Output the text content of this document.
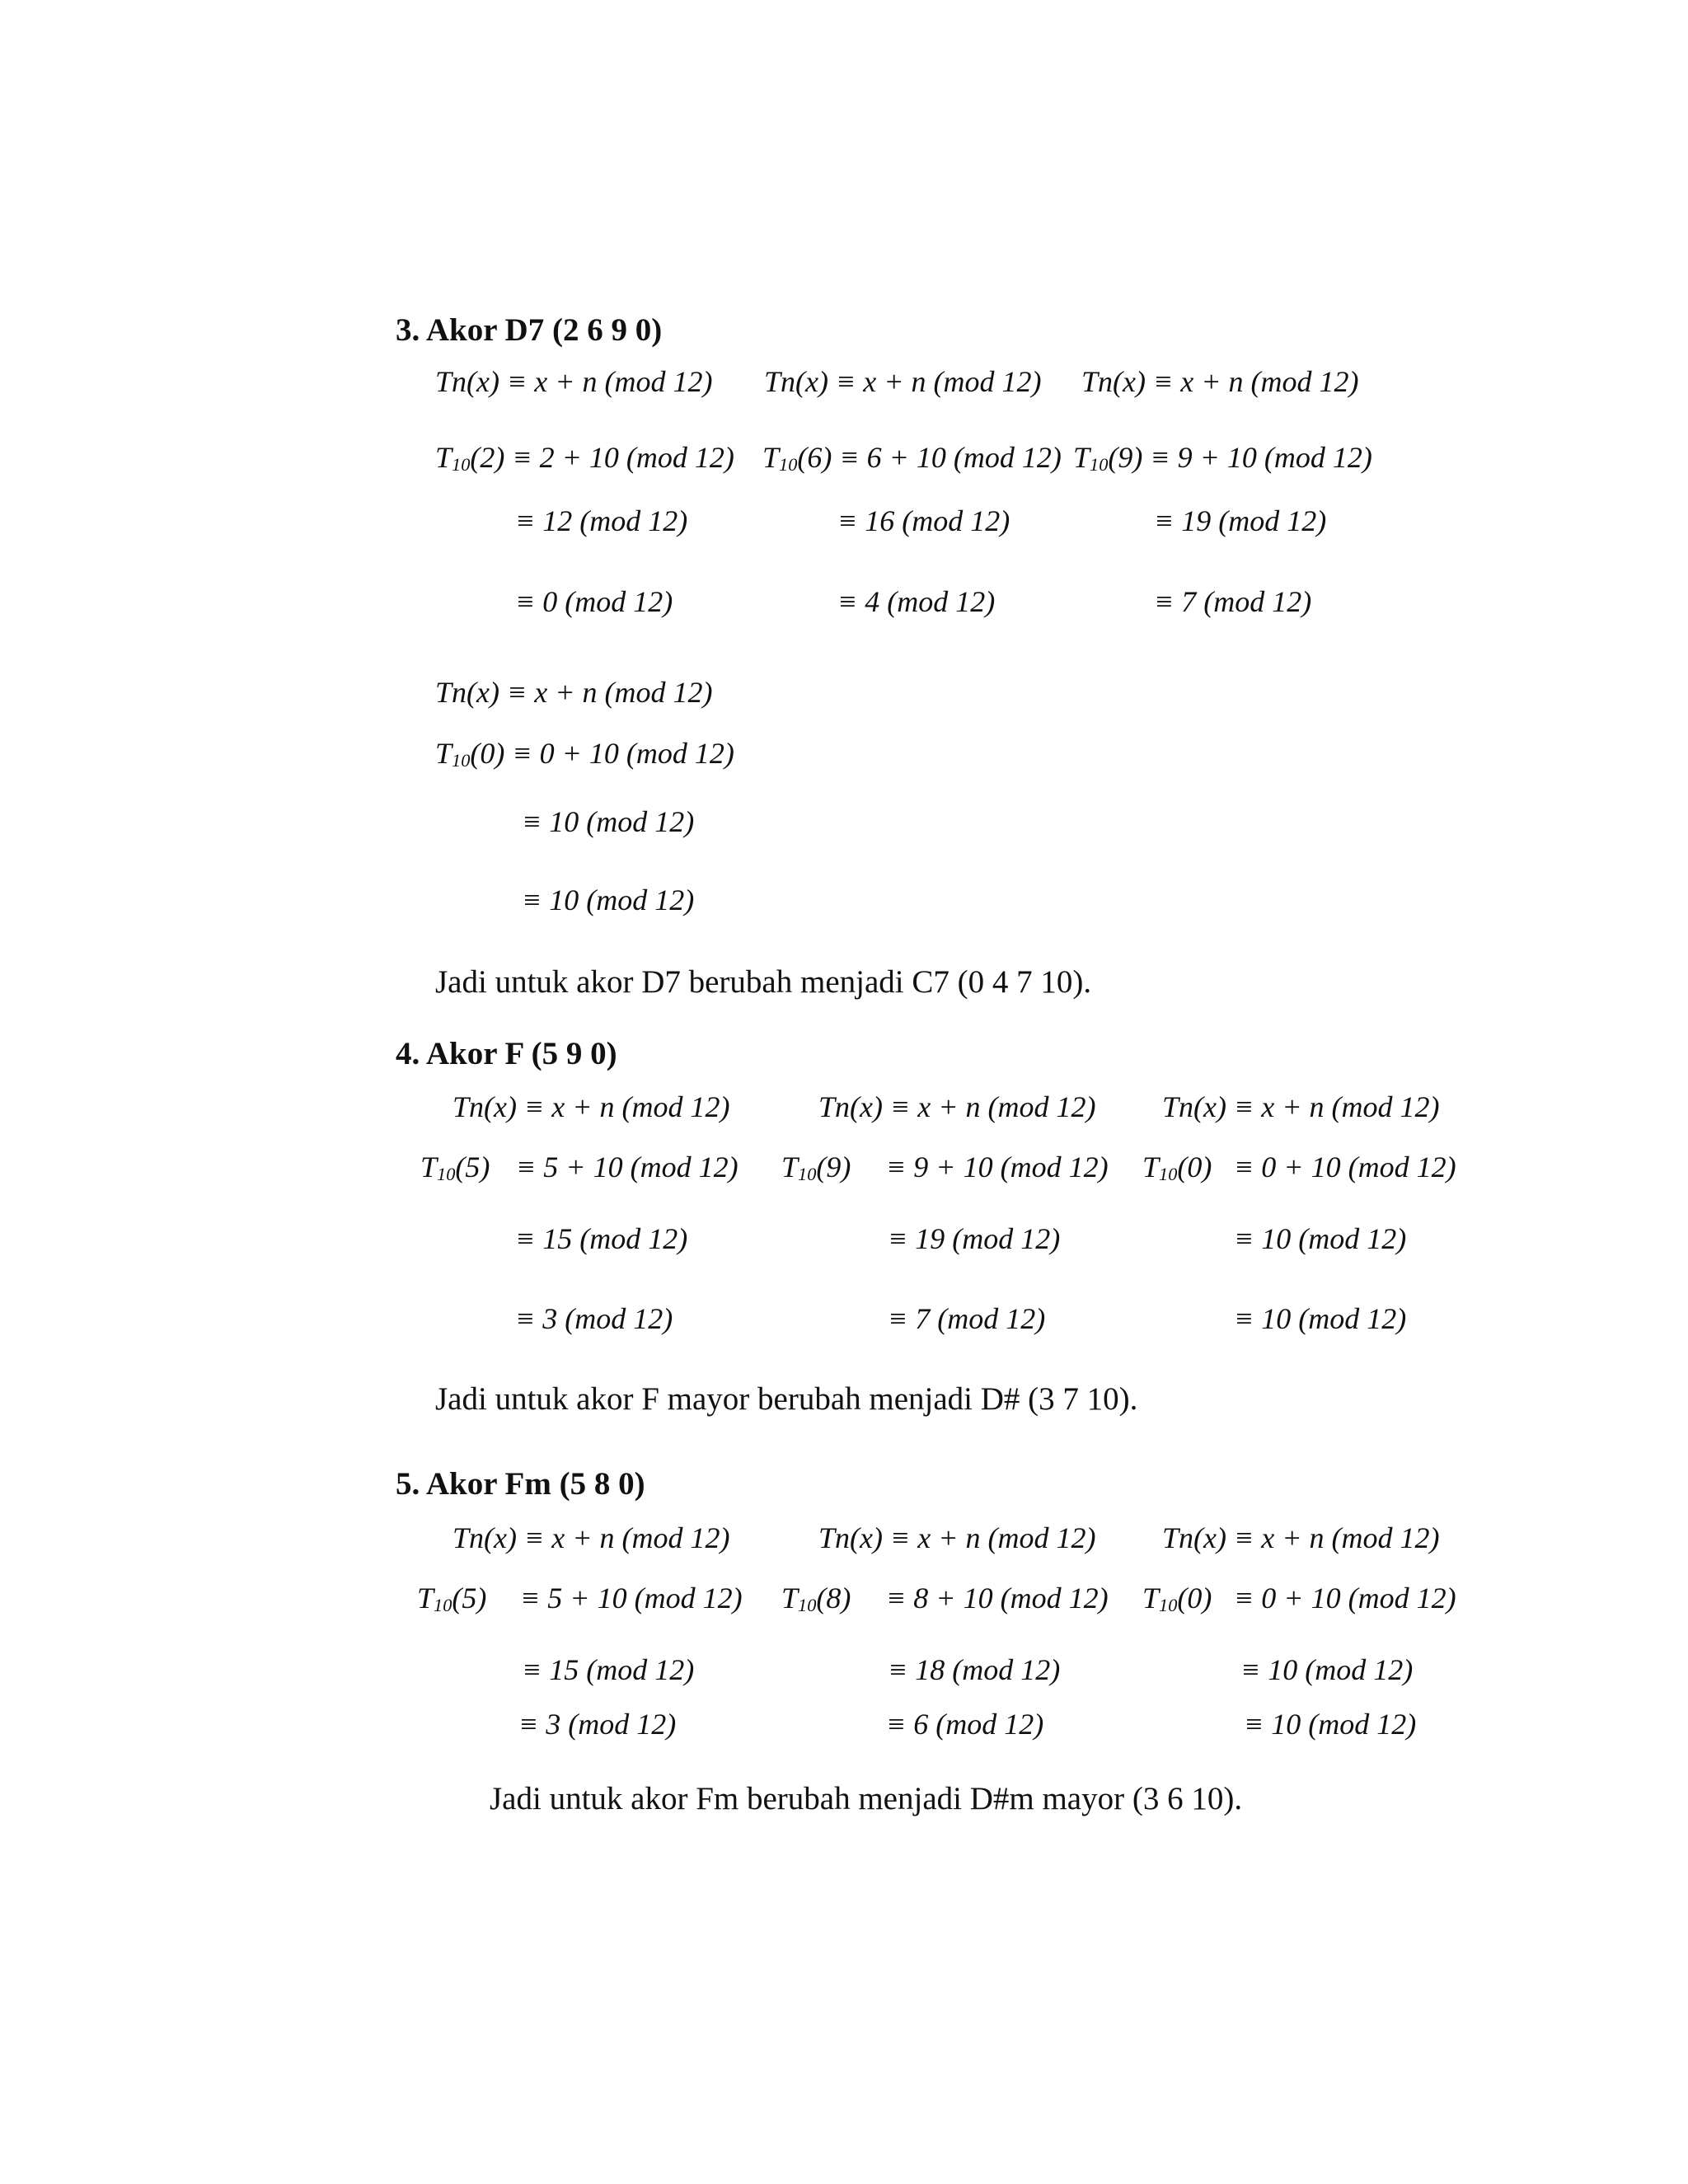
3. Akor D7 (2 6 9 0)
Tn(x) ≡ x + n (mod 12) Tn(x) ≡ x + n (mod 12) Tn(x) ≡ x + n (mod 12)
$T_{10}(2) \equiv 2 + 10$ (mod 12) $T_{10}(6) \equiv 6 + 10$ (mod 12) $T_{10}(9) \equiv 9 + 10$ (mod 12)
≡ 12 (mod 12)	≡ 16 (mod 12)	≡ 19 (mod 12)
≡ 0 (mod 12)	≡ 4 (mod 12)	≡ 7 (mod 12)
Tn(x) ≡ x + n (mod 12)
$T_{10}(0) \equiv 0 + 10$ (mod 12)
≡ 10 (mod 12)
≡ 10 (mod 12)
Jadi untuk akor D7 berubah menjadi C7 (0 4 7 10).
4. Akor F (5 9 0)
Tn(x) ≡ x + n (mod 12)	Tn(x) ≡ x + n (mod 12) Tn(x) ≡ x + n (mod 12)
$T_{10}(5) \equiv 5 + 10$ (mod 12) $T_{10}(9) \equiv 9 + 10$ (mod 12) $T_{10}(0) \equiv 0 + 10$ (mod 12)
≡ 15 (mod 12)	≡ 19 (mod 12)	≡ 10 (mod 12)
≡ 3 (mod 12)	≡ 7 (mod 12)	≡ 10 (mod 12)
Jadi untuk akor F mayor berubah menjadi D# (3 7 10).
5. Akor Fm (5 8 0)
Tn(x) ≡ x + n (mod 12)	Tn(x) ≡ x + n (mod 12) Tn(x) ≡ x + n (mod 12)
$T_{10}(5) \equiv 5 + 10$ (mod 12) $T_{10}(8) \equiv 8 + 10$ (mod 12) $T_{10}(0) \equiv 0 + 10$ (mod 12)
≡ 15 (mod 12)	≡ 18 (mod 12)	≡ 10 (mod 12)
≡ 3 (mod 12)	≡ 6 (mod 12)	≡ 10 (mod 12)
Jadi untuk akor Fm berubah menjadi D#m mayor (3 6 10).
